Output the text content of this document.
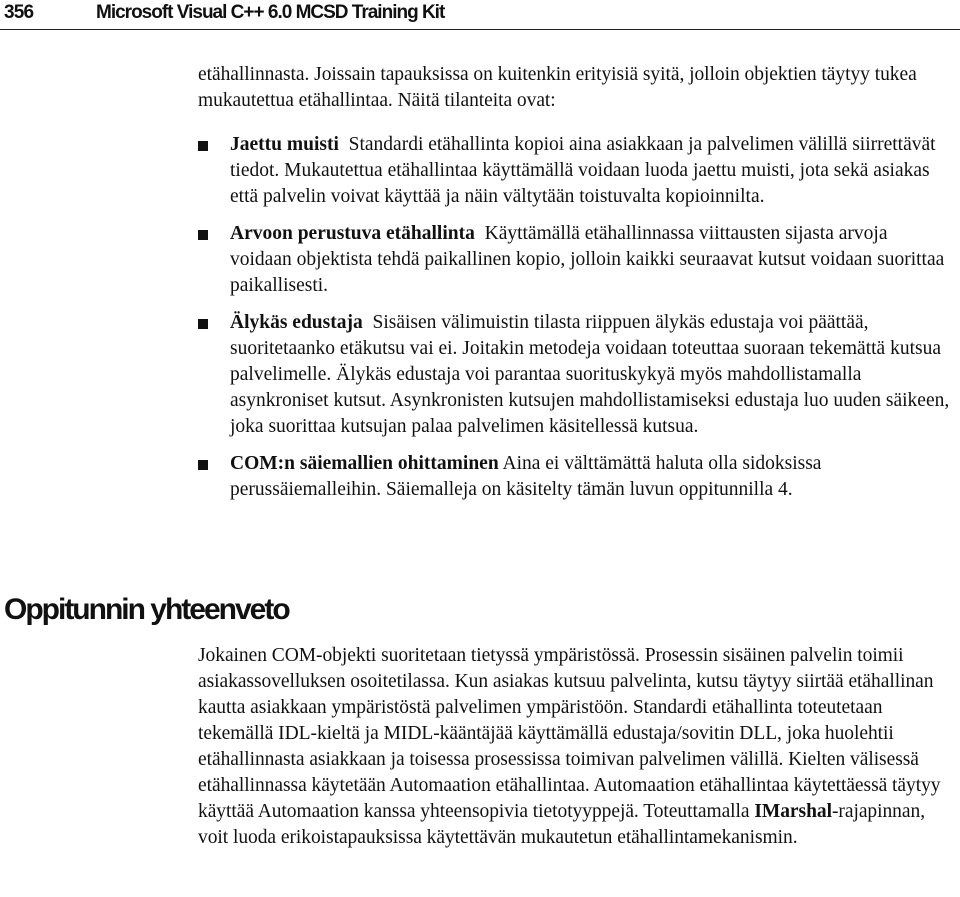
356	Microsoft Visual C++ 6.0 MCSD Training Kit

etähallinnasta. Joissain tapauksissa on kuitenkin erityisiä syitä, jolloin objektien täytyy tukea mukautettua etähallintaa. Näitä tilanteita ovat:

Jaettu muisti Standardi etähallinta kopioi aina asiakkaan ja palvelimen välillä siirrettävät tiedot. Mukautettua etähallintaa käyttämällä voidaan luoda jaettu muisti, jota sekä asiakas että palvelin voivat käyttää ja näin vältytään toistuvalta kopioinnilta.
Arvoon perustuva etähallinta Käyttämällä etähallinnassa viittausten sijasta arvoja voidaan objektista tehdä paikallinen kopio, jolloin kaikki seuraavat kutsut voidaan suorittaa paikallisesti.
Älykäs edustaja Sisäisen välimuistin tilasta riippuen älykäs edustaja voi päättää, suoritetaanko etäkutsu vai ei. Joitakin metodeja voidaan toteuttaa suoraan tekemättä kutsua palvelimelle. Älykäs edustaja voi parantaa suorituskykyä myös mahdollistamalla asynkroniset kutsut. Asynkronisten kutsujen mahdollistamiseksi edustaja luo uuden säikeen, joka suorittaa kutsujan palaa palvelimen käsitellessä kutsua.
COM:n säiemallien ohittaminen Aina ei välttämättä haluta olla sidoksissa perussäiemalleihin. Säiemalleja on käsitelty tämän luvun oppitunnilla 4.
Oppitunnin yhteenveto

Jokainen COM-objekti suoritetaan tietyssä ympäristössä. Prosessin sisäinen palvelin toimii asiakassovelluksen osoitetilassa. Kun asiakas kutsuu palvelinta, kutsu täytyy siirtää etähallinan kautta asiakkaan ympäristöstä palvelimen ympäristöön. Standardi etähallinta toteutetaan tekemällä IDL-kieltä ja MIDL-kääntäjää käyttämällä edustaja/sovitin DLL, joka huolehtii etähallinnasta asiakkaan ja toisessa prosessissa toimivan palvelimen välillä. Kielten välisessä etähallinnassa käytetään Automaation etähallintaa. Automaation etähallintaa käytettäessä täytyy käyttää Automaation kanssa yhteensopivia tietotyyppejä. Toteuttamalla IMarshal-rajapinnan, voit luoda erikoistapauksissa käytettävän mukautetun etähallintamekanismin.
